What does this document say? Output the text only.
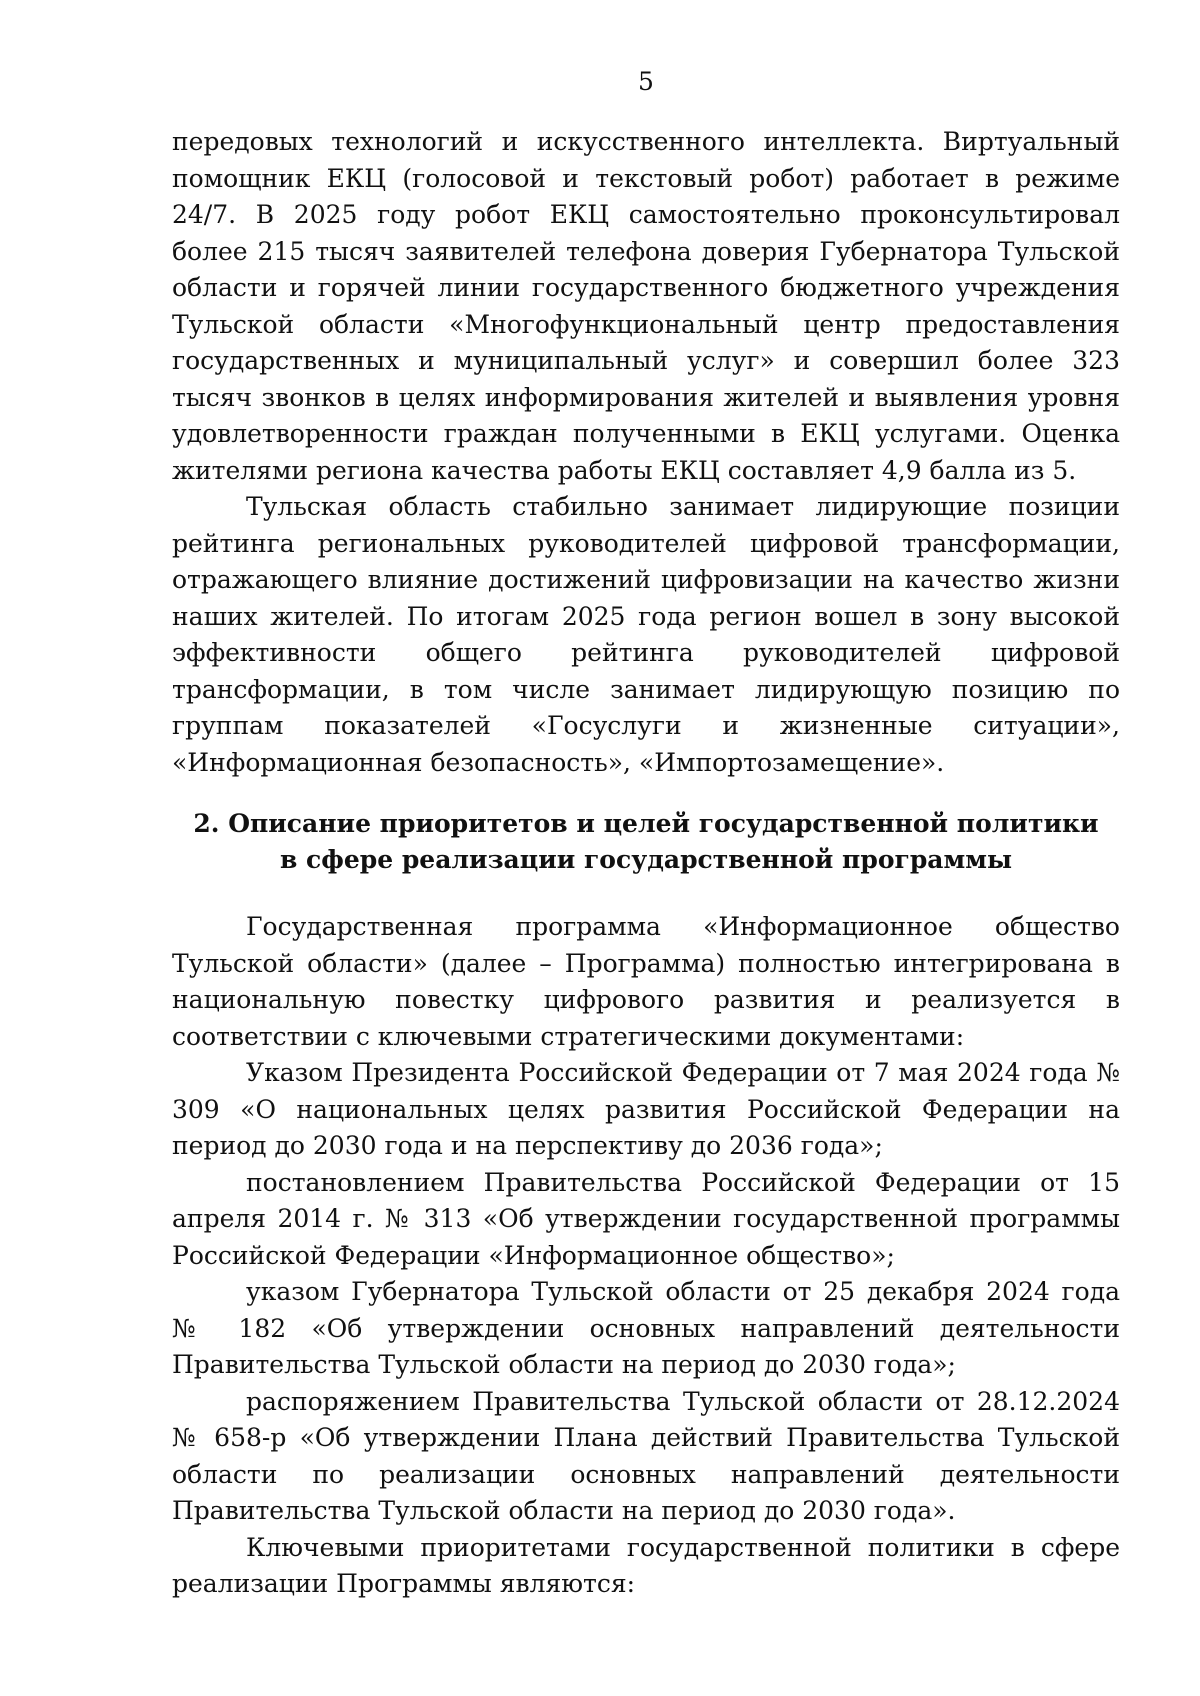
5

передовых технологий и искусственного интеллекта. Виртуальный помощник ЕКЦ (голосовой и текстовый робот) работает в режиме 24/7. В 2025 году робот ЕКЦ самостоятельно проконсультировал более 215 тысяч заявителей телефона доверия Губернатора Тульской области и горячей линии государственного бюджетного учреждения Тульской области «Многофункциональный центр предоставления государственных и муниципальный услуг» и совершил более 323 тысяч звонков в целях информирования жителей и выявления уровня удовлетворенности граждан полученными в ЕКЦ услугами. Оценка жителями региона качества работы ЕКЦ составляет 4,9 балла из 5.

Тульская область стабильно занимает лидирующие позиции рейтинга региональных руководителей цифровой трансформации, отражающего влияние достижений цифровизации на качество жизни наших жителей. По итогам 2025 года регион вошел в зону высокой эффективности общего рейтинга руководителей цифровой трансформации, в том числе занимает лидирующую позицию по группам показателей «Госуслуги и жизненные ситуации», «Информационная безопасность», «Импортозамещение».

2. Описание приоритетов и целей государственной политики
в сфере реализации государственной программы

Государственная программа «Информационное общество Тульской области» (далее – Программа) полностью интегрирована в национальную повестку цифрового развития и реализуется в соответствии с ключевыми стратегическими документами:

Указом Президента Российской Федерации от 7 мая 2024 года № 309 «О национальных целях развития Российской Федерации на период до 2030 года и на перспективу до 2036 года»;

постановлением Правительства Российской Федерации от 15 апреля 2014 г. № 313 «Об утверждении государственной программы Российской Федерации «Информационное общество»;

указом Губернатора Тульской области от 25 декабря 2024 года № 182 «Об утверждении основных направлений деятельности Правительства Тульской области на период до 2030 года»;

распоряжением Правительства Тульской области от 28.12.2024 № 658-р «Об утверждении Плана действий Правительства Тульской области по реализации основных направлений деятельности Правительства Тульской области на период до 2030 года».

Ключевыми приоритетами государственной политики в сфере реализации Программы являются:
